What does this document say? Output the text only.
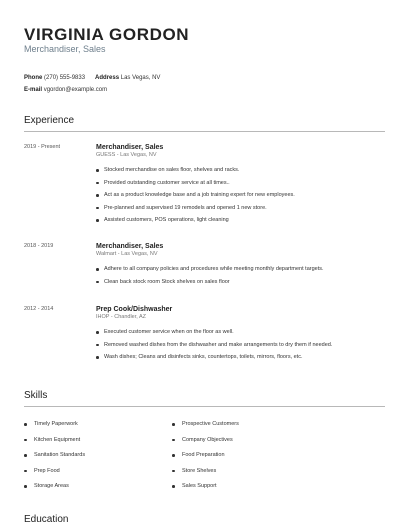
VIRGINIA GORDON
Merchandiser, Sales
Phone (270) 555-9833 Address Las Vegas, NV
E-mail vgordon@example.com
Experience
2019 - Present	Merchandiser, Sales
GUESS - Las Vegas, NV
Stocked merchandise on sales floor, shelves and racks.
Provided outstanding customer service at all times..
Act as a product knowledge base and a job training expert for new employees.
Pre-planned and supervised 19 remodels and opened 1 new store.
Assisted customers, POS operations, light cleaning
2018 - 2019	Merchandiser, Sales
Walmart - Las Vegas, NV
Adhere to all company policies and procedures while meeting monthly department targets.
Clean back stock room Stock shelves on sales floor
2012 - 2014	Prep Cook/Dishwasher
IHOP - Chandler, AZ
Executed customer service when on the floor as well.
Removed washed dishes from the dishwasher and make arrangements to dry them if needed.
Wash dishes; Cleans and disinfects sinks, countertops, toilets, mirrors, floors, etc.
Skills
Timely Paperwork
Kitchen Equipment
Sanitation Standards
Prep Food
Storage Areas
Prospective Customers
Company Objectives
Food Preparation
Store Shelves
Sales Support
Education
